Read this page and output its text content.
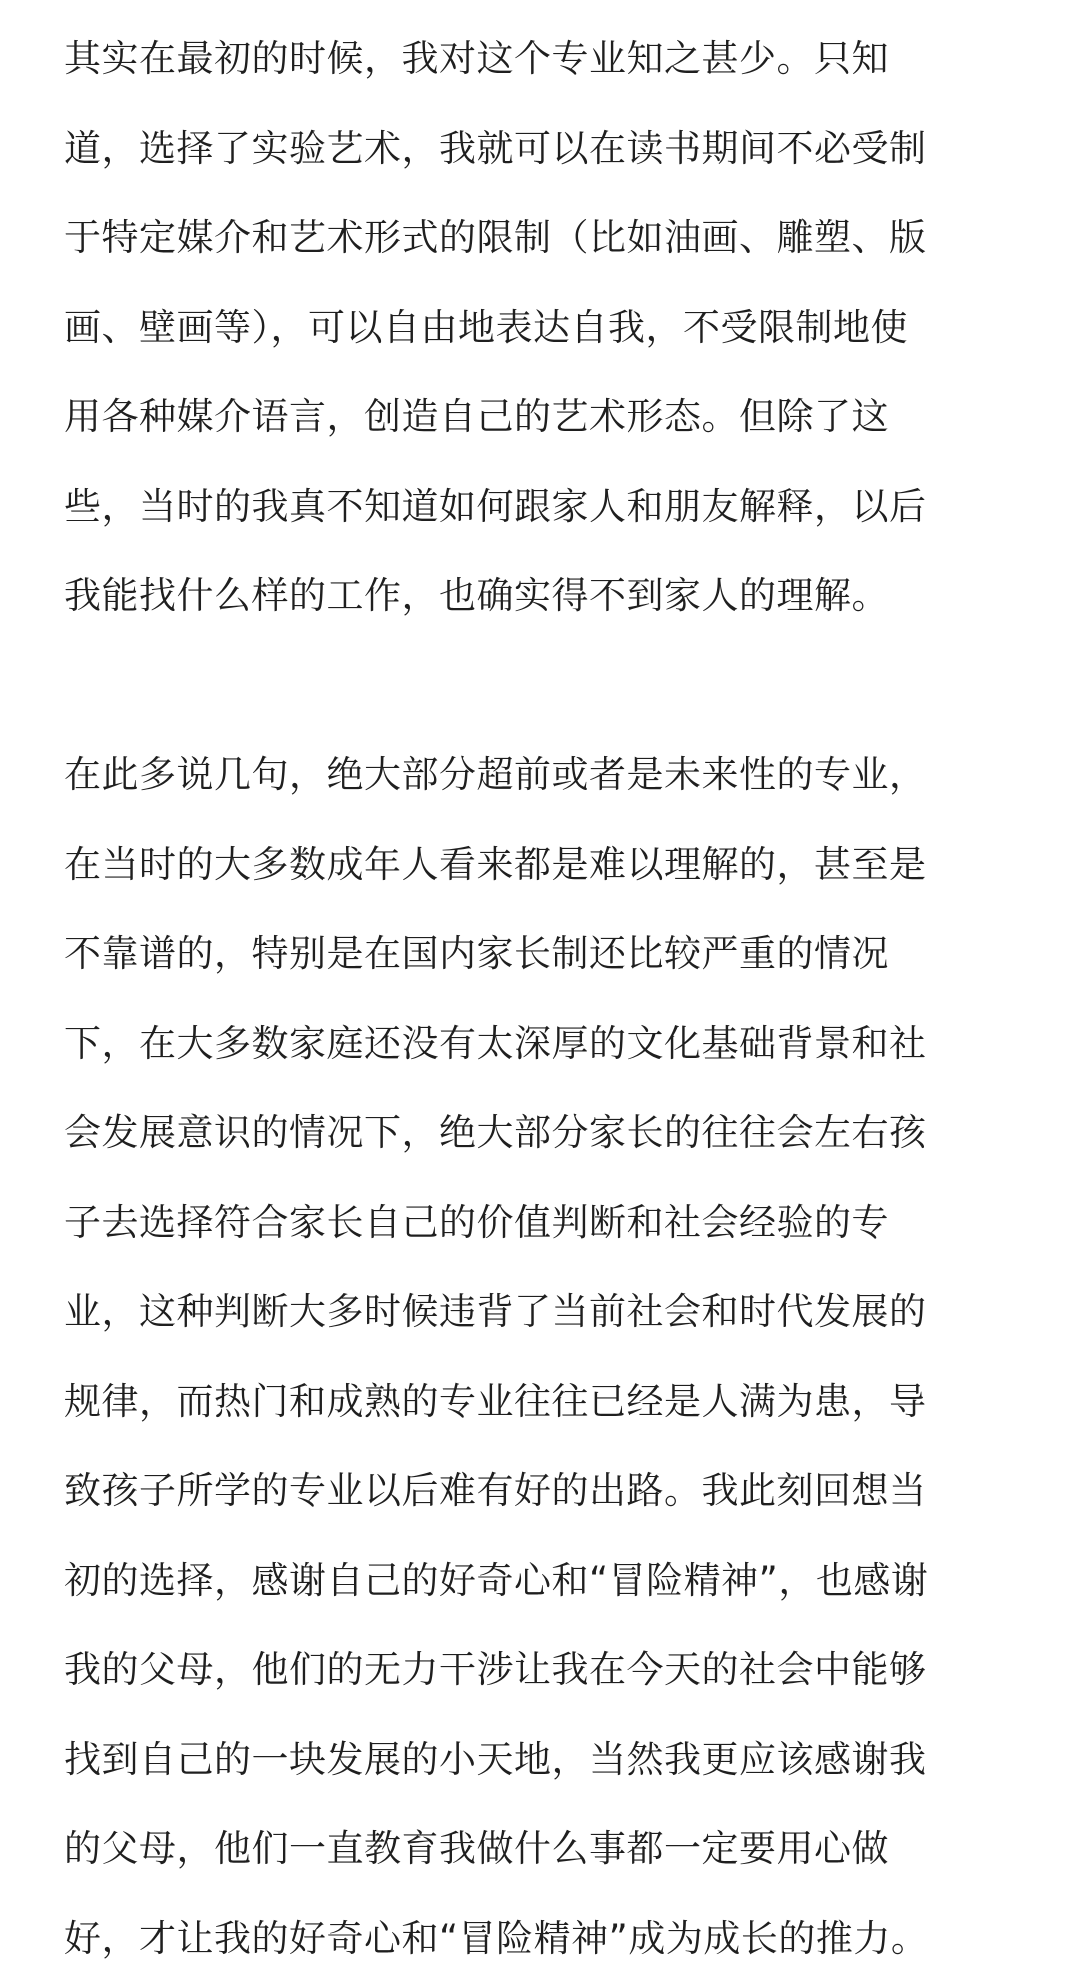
其实在最初的时候，我对这个专业知之甚少。只知
道，选择了实验艺术，我就可以在读书期间不必受制
于特定媒介和艺术形式的限制（比如油画、雕塑、版
画、壁画等），可以自由地表达自我，不受限制地使
用各种媒介语言，创造自己的艺术形态。但除了这
些，当时的我真不知道如何跟家人和朋友解释，以后
我能找什么样的工作，也确实得不到家人的理解。
在此多说几句，绝大部分超前或者是未来性的专业，
在当时的大多数成年人看来都是难以理解的，甚至是
不靠谱的，特别是在国内家长制还比较严重的情况
下，在大多数家庭还没有太深厚的文化基础背景和社
会发展意识的情况下，绝大部分家长的往往会左右孩
子去选择符合家长自己的价值判断和社会经验的专
业，这种判断大多时候违背了当前社会和时代发展的
规律，而热门和成熟的专业往往已经是人满为患，导
致孩子所学的专业以后难有好的出路。我此刻回想当
初的选择，感谢自己的好奇心和“冒险精神”，也感谢
我的父母，他们的无力干涉让我在今天的社会中能够
找到自己的一块发展的小天地，当然我更应该感谢我
的父母，他们一直教育我做什么事都一定要用心做
好，才让我的好奇心和“冒险精神”成为成长的推力。
